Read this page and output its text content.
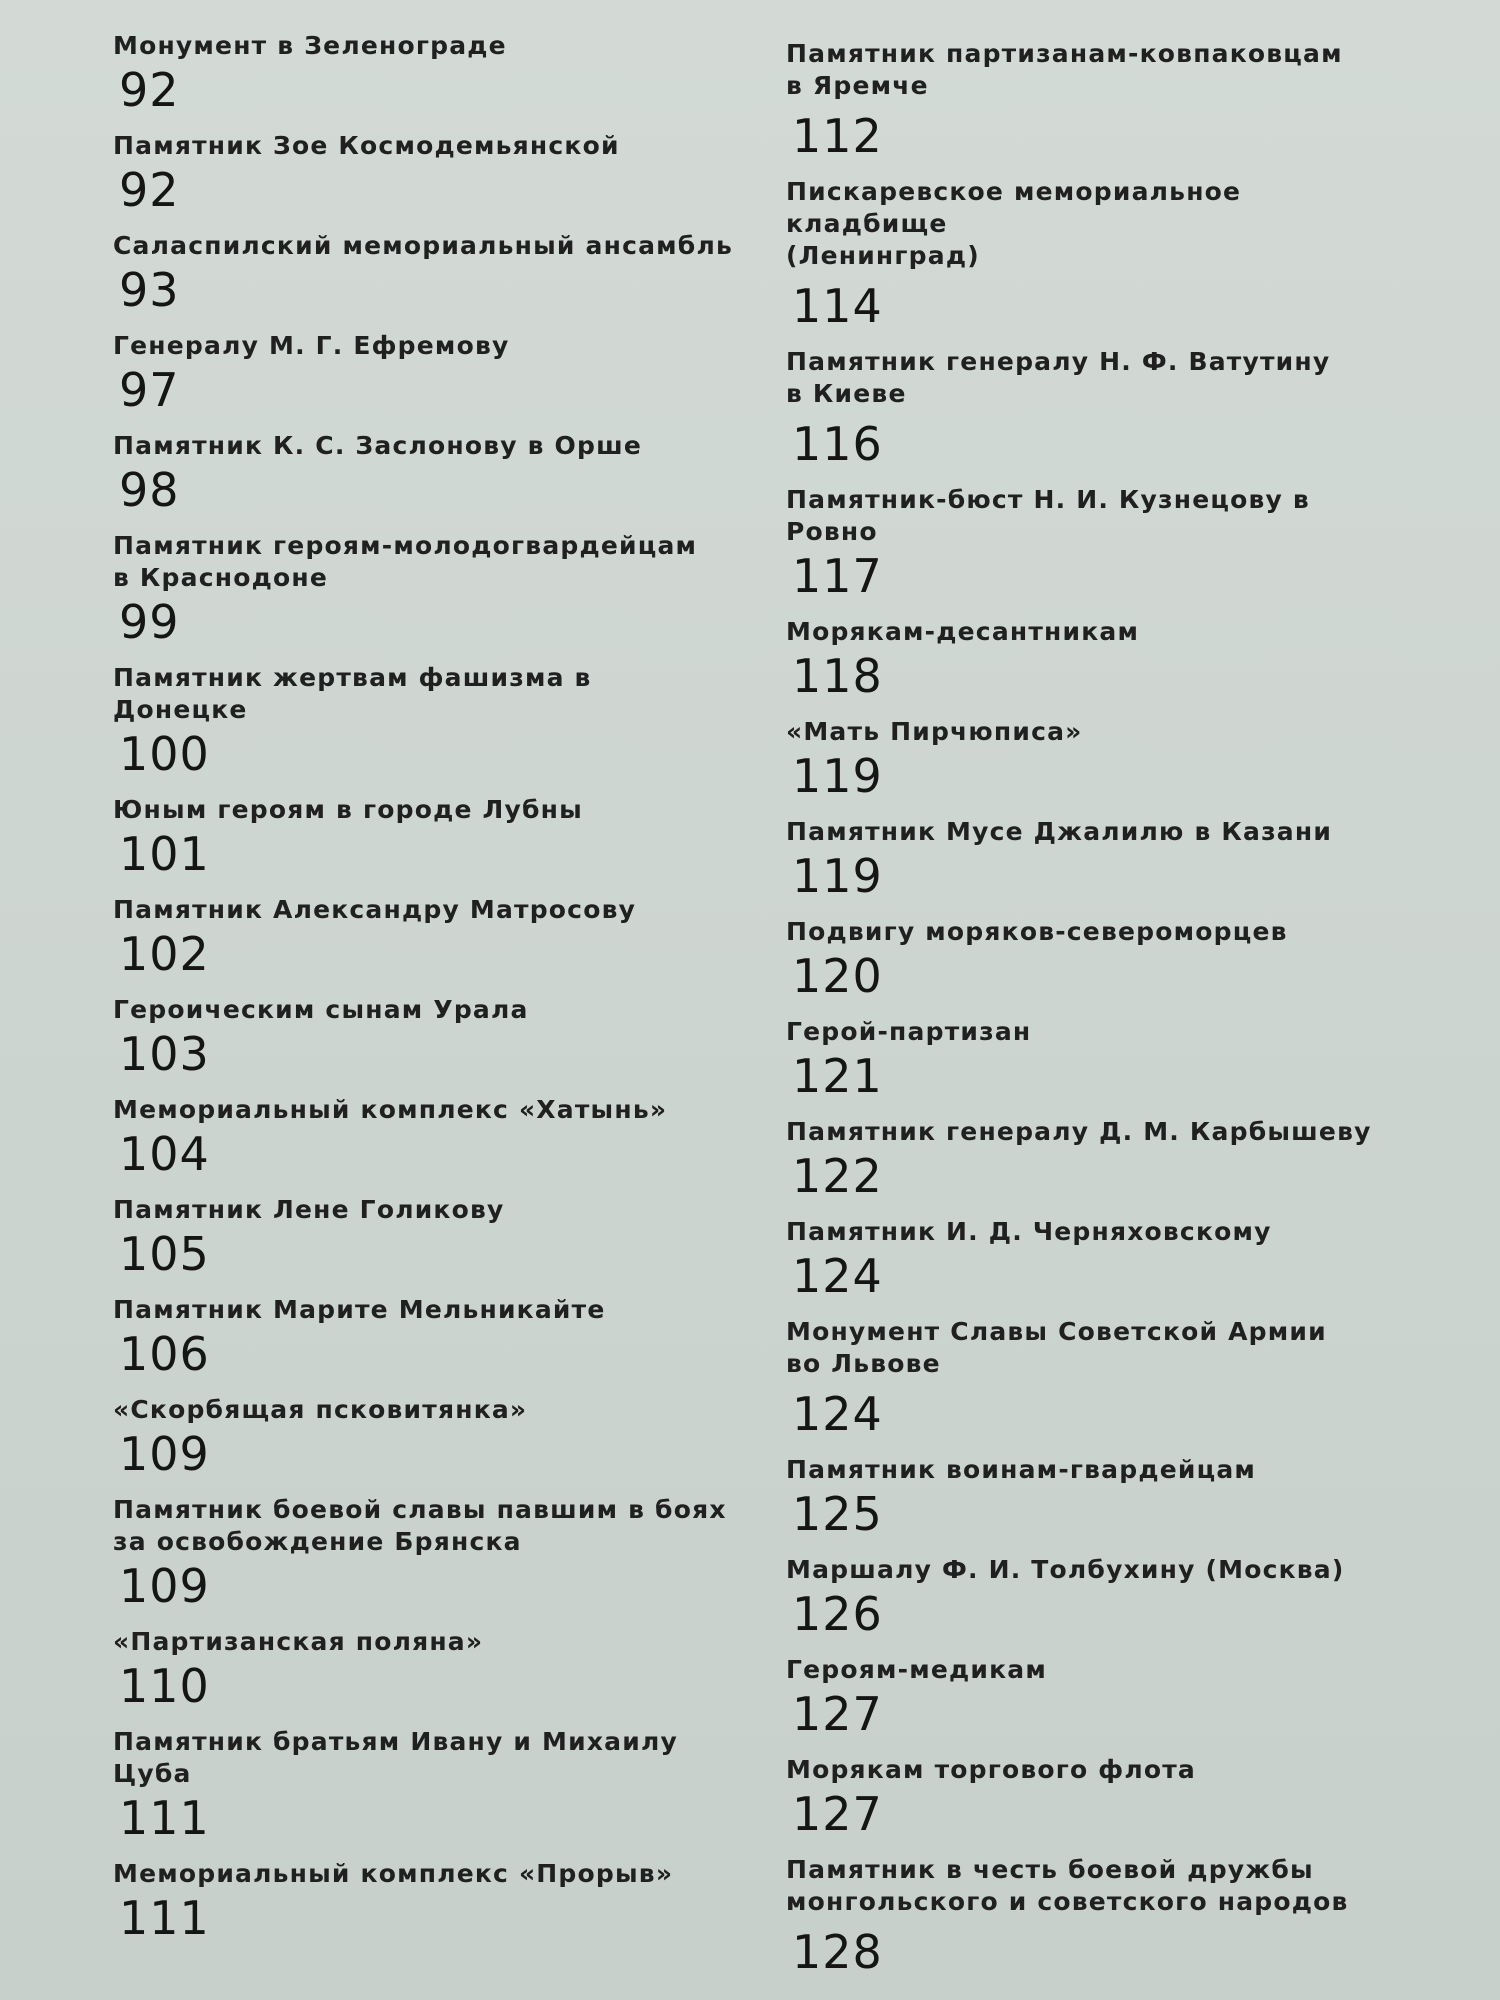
Монумент в Зеленограде
92
Памятник Зое Космодемьянской
92
Саласпилский мемориальный ансамбль
93
Генералу М. Г. Ефремову
97
Памятник К. С. Заслонову в Орше
98
Памятник героям-молодогвардейцам
в Краснодоне
99
Памятник жертвам фашизма в Донецке
100
Юным героям в городе Лубны
101
Памятник Александру Матросову
102
Героическим сынам Урала
103
Мемориальный комплекс «Хатынь»
104
Памятник Лене Голикову
105
Памятник Марите Мельникайте
106
«Скорбящая псковитянка»
109
Памятник боевой славы павшим в боях
за освобождение Брянска
109
«Партизанская поляна»
110
Памятник братьям Ивану и Михаилу
Цуба
111
Мемориальный комплекс «Прорыв»
111
Памятник партизанам-ковпаковцам
в Яремче
112
Пискаревское мемориальное кладбище
(Ленинград)
114
Памятник генералу Н. Ф. Ватутину
в Киеве
116
Памятник-бюст Н. И. Кузнецову в Ровно
117
Морякам-десантникам
118
«Мать Пирчюписа»
119
Памятник Мусе Джалилю в Казани
119
Подвигу моряков-североморцев
120
Герой-партизан
121
Памятник генералу Д. М. Карбышеву
122
Памятник И. Д. Черняховскому
124
Монумент Славы Советской Армии
во Львове
124
Памятник воинам-гвардейцам
125
Маршалу Ф. И. Толбухину (Москва)
126
Героям-медикам
127
Морякам торгового флота
127
Памятник в честь боевой дружбы
монгольского и советского народов
128
